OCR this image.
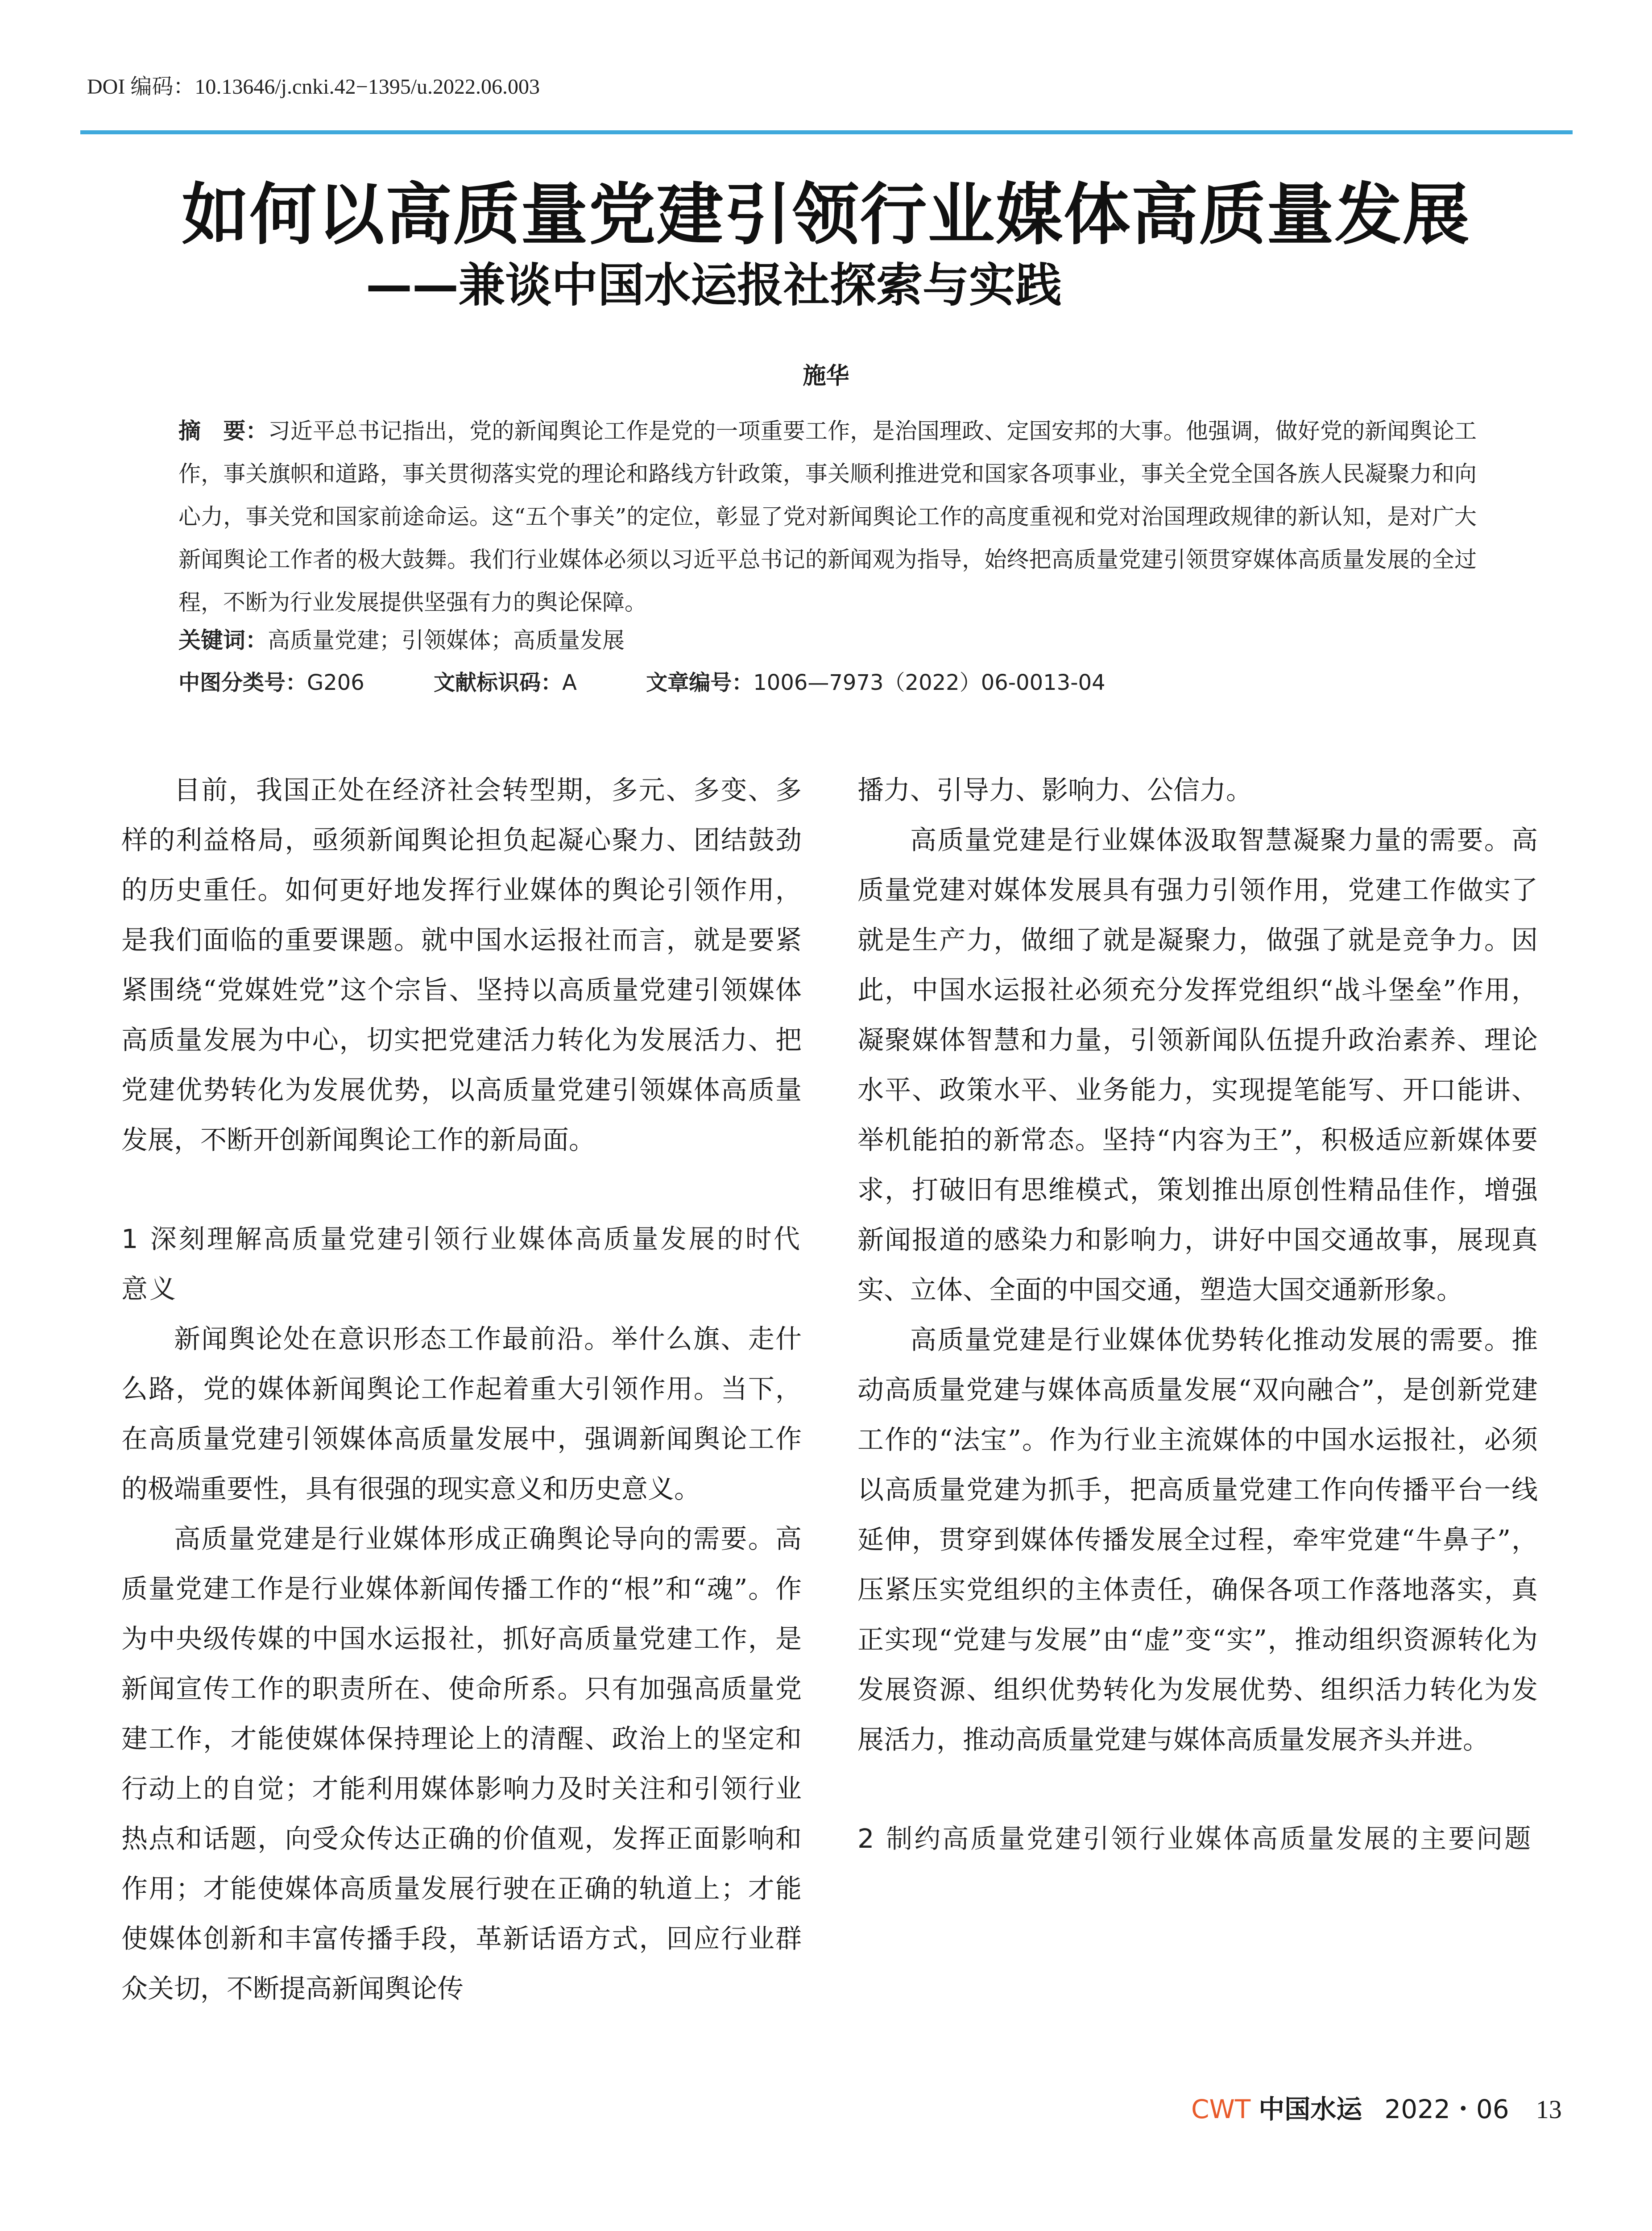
DOI 编码：10.13646/j.cnki.42−1395/u.2022.06.003
如何以高质量党建引领行业媒体高质量发展
——兼谈中国水运报社探索与实践
施华
摘　要：习近平总书记指出，党的新闻舆论工作是党的一项重要工作，是治国理政、定国安邦的大事。他强调，做好党的新闻舆论工作，事关旗帜和道路，事关贯彻落实党的理论和路线方针政策，事关顺利推进党和国家各项事业，事关全党全国各族人民凝聚力和向心力，事关党和国家前途命运。这“五个事关”的定位，彰显了党对新闻舆论工作的高度重视和党对治国理政规律的新认知，是对广大新闻舆论工作者的极大鼓舞。我们行业媒体必须以习近平总书记的新闻观为指导，始终把高质量党建引领贯穿媒体高质量发展的全过程，不断为行业发展提供坚强有力的舆论保障。
关键词：高质量党建；引领媒体；高质量发展
中图分类号：G206	文献标识码：A	文章编号：1006—7973（2022）06-0013-04

目前，我国正处在经济社会转型期，多元、多变、多样的利益格局，亟须新闻舆论担负起凝心聚力、团结鼓劲的历史重任。如何更好地发挥行业媒体的舆论引领作用，是我们面临的重要课题。就中国水运报社而言，就是要紧紧围绕“党媒姓党”这个宗旨、坚持以高质量党建引领媒体高质量发展为中心，切实把党建活力转化为发展活力、把党建优势转化为发展优势，以高质量党建引领媒体高质量发展，不断开创新闻舆论工作的新局面。

1 深刻理解高质量党建引领行业媒体高质量发展的时代意义

新闻舆论处在意识形态工作最前沿。举什么旗、走什么路，党的媒体新闻舆论工作起着重大引领作用。当下，在高质量党建引领媒体高质量发展中，强调新闻舆论工作的极端重要性，具有很强的现实意义和历史意义。

高质量党建是行业媒体形成正确舆论导向的需要。高质量党建工作是行业媒体新闻传播工作的“根”和“魂”。作为中央级传媒的中国水运报社，抓好高质量党建工作，是新闻宣传工作的职责所在、使命所系。只有加强高质量党建工作，才能使媒体保持理论上的清醒、政治上的坚定和行动上的自觉；才能利用媒体影响力及时关注和引领行业热点和话题，向受众传达正确的价值观，发挥正面影响和作用；才能使媒体高质量发展行驶在正确的轨道上；才能使媒体创新和丰富传播手段，革新话语方式，回应行业群众关切，不断提高新闻舆论传

播力、引导力、影响力、公信力。

高质量党建是行业媒体汲取智慧凝聚力量的需要。高质量党建对媒体发展具有强力引领作用，党建工作做实了就是生产力，做细了就是凝聚力，做强了就是竞争力。因此，中国水运报社必须充分发挥党组织“战斗堡垒”作用，凝聚媒体智慧和力量，引领新闻队伍提升政治素养、理论水平、政策水平、业务能力，实现提笔能写、开口能讲、举机能拍的新常态。坚持“内容为王”，积极适应新媒体要求，打破旧有思维模式，策划推出原创性精品佳作，增强新闻报道的感染力和影响力，讲好中国交通故事，展现真实、立体、全面的中国交通，塑造大国交通新形象。

高质量党建是行业媒体优势转化推动发展的需要。推动高质量党建与媒体高质量发展“双向融合”，是创新党建工作的“法宝”。作为行业主流媒体的中国水运报社，必须以高质量党建为抓手，把高质量党建工作向传播平台一线延伸，贯穿到媒体传播发展全过程，牵牢党建“牛鼻子”，压紧压实党组织的主体责任，确保各项工作落地落实，真正实现“党建与发展”由“虚”变“实”，推动组织资源转化为发展资源、组织优势转化为发展优势、组织活力转化为发展活力，推动高质量党建与媒体高质量发展齐头并进。

2 制约高质量党建引领行业媒体高质量发展的主要问题
CWT 中国水运 2022・06 13
